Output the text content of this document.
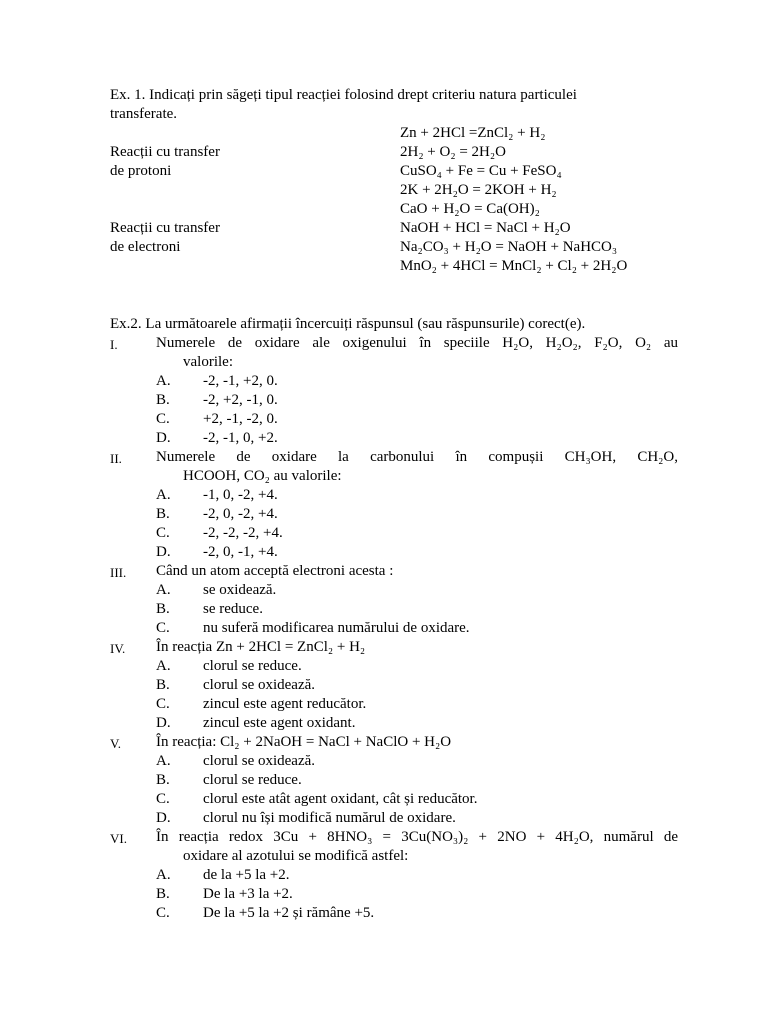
Ex. 1. Indicați prin săgeți tipul reacției folosind drept criteriu natura particulei
transferate.
Reacții cu transfer
de protoni
Reacții cu transfer
de electroni
Zn + 2HCl =ZnCl₂ + H₂
2H₂ + O₂ = 2H₂O
CuSO₄ + Fe = Cu + FeSO₄
2K + 2H₂O = 2KOH + H₂
CaO + H₂O = Ca(OH)₂
NaOH + HCl = NaCl + H₂O
Na₂CO₃ + H₂O = NaOH + NaHCO₃
MnO₂ + 4HCl = MnCl₂ + Cl₂ + 2H₂O
Ex.2. La următoarele afirmații încercuiți răspunsul (sau răspunsurile) corect(e).
I.	Numerele de oxidare ale oxigenului în speciile H₂O, H₂O₂, F₂O, O₂ au
valorile:
A. -2, -1, +2, 0.
B. -2, +2, -1, 0.
C. +2, -1, -2, 0.
D. -2, -1, 0, +2.
II. Numerele de oxidare la carbonului în compușii CH₃OH, CH₂O,
HCOOH, CO₂ au valorile:
A. -1, 0, -2, +4.
B. -2, 0, -2, +4.
C. -2, -2, -2, +4.
D. -2, 0, -1, +4.
III. Când un atom acceptă electroni acesta :
A. se oxidează.
B. se reduce.
C. nu suferă modificarea numărului de oxidare.
IV. În reacția Zn + 2HCl = ZnCl₂ + H₂
A. clorul se reduce.
B. clorul se oxidează.
C. zincul este agent reducător.
D. zincul este agent oxidant.
V. În reacția: Cl₂ + 2NaOH = NaCl + NaClO + H₂O
A. clorul se oxidează.
B. clorul se reduce.
C. clorul este atât agent oxidant, cât și reducător.
D. clorul nu își modifică numărul de oxidare.
VI. În reacția redox 3Cu + 8HNO₃ = 3Cu(NO₃)₂ + 2NO + 4H₂O, numărul de
oxidare al azotului se modifică astfel:
A. de la +5 la +2.
B. De la +3 la +2.
C. De la +5 la +2 și rămâne +5.
